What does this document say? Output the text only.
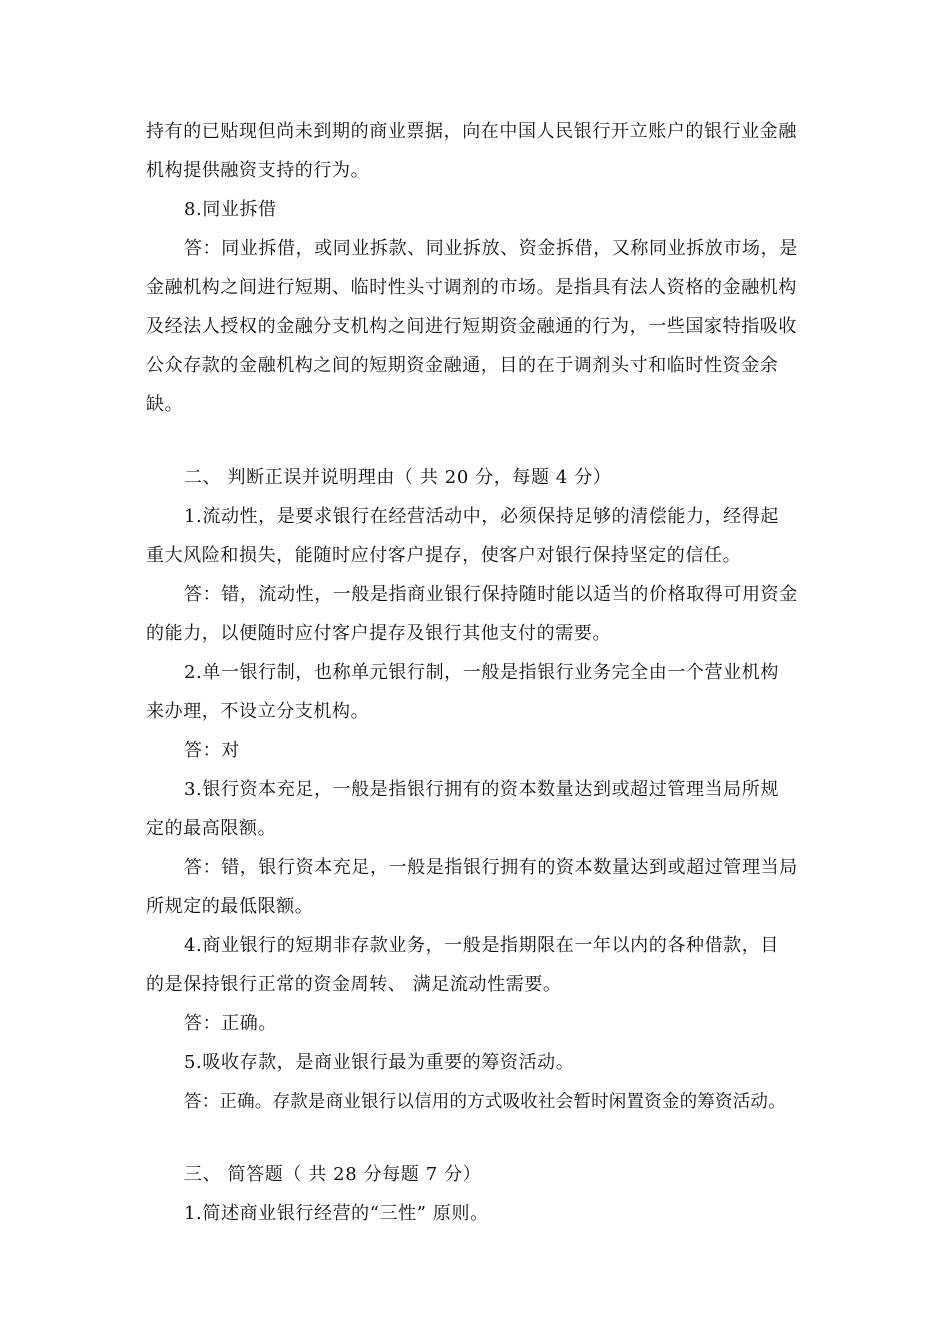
持有的已贴现但尚未到期的商业票据，向在中国人民银行开立账户的银行业金融
机构提供融资支持的行为。
8.同业拆借
答：同业拆借，或同业拆款、同业拆放、资金拆借，又称同业拆放市场，是
金融机构之间进行短期、临时性头寸调剂的市场。是指具有法人资格的金融机构
及经法人授权的金融分支机构之间进行短期资金融通的行为，一些国家特指吸收
公众存款的金融机构之间的短期资金融通，目的在于调剂头寸和临时性资金余
缺。
二、 判断正误并说明理由（ 共 20 分，每题 4 分）
1.流动性，是要求银行在经营活动中，必须保持足够的清偿能力，经得起
重大风险和损失，能随时应付客户提存，使客户对银行保持坚定的信任。
答：错，流动性，一般是指商业银行保持随时能以适当的价格取得可用资金
的能力，以便随时应付客户提存及银行其他支付的需要。
2.单一银行制，也称单元银行制，一般是指银行业务完全由一个营业机构
来办理，不设立分支机构。
答：对
3.银行资本充足，一般是指银行拥有的资本数量达到或超过管理当局所规
定的最高限额。
答：错，银行资本充足，一般是指银行拥有的资本数量达到或超过管理当局
所规定的最低限额。
4.商业银行的短期非存款业务，一般是指期限在一年以内的各种借款，目
的是保持银行正常的资金周转、 满足流动性需要。
答：正确。
5.吸收存款，是商业银行最为重要的筹资活动。
答：正确。存款是商业银行以信用的方式吸收社会暂时闲置资金的筹资活动。
三、 简答题（ 共 28 分每题 7 分）
1.简述商业银行经营的“三性” 原则。
